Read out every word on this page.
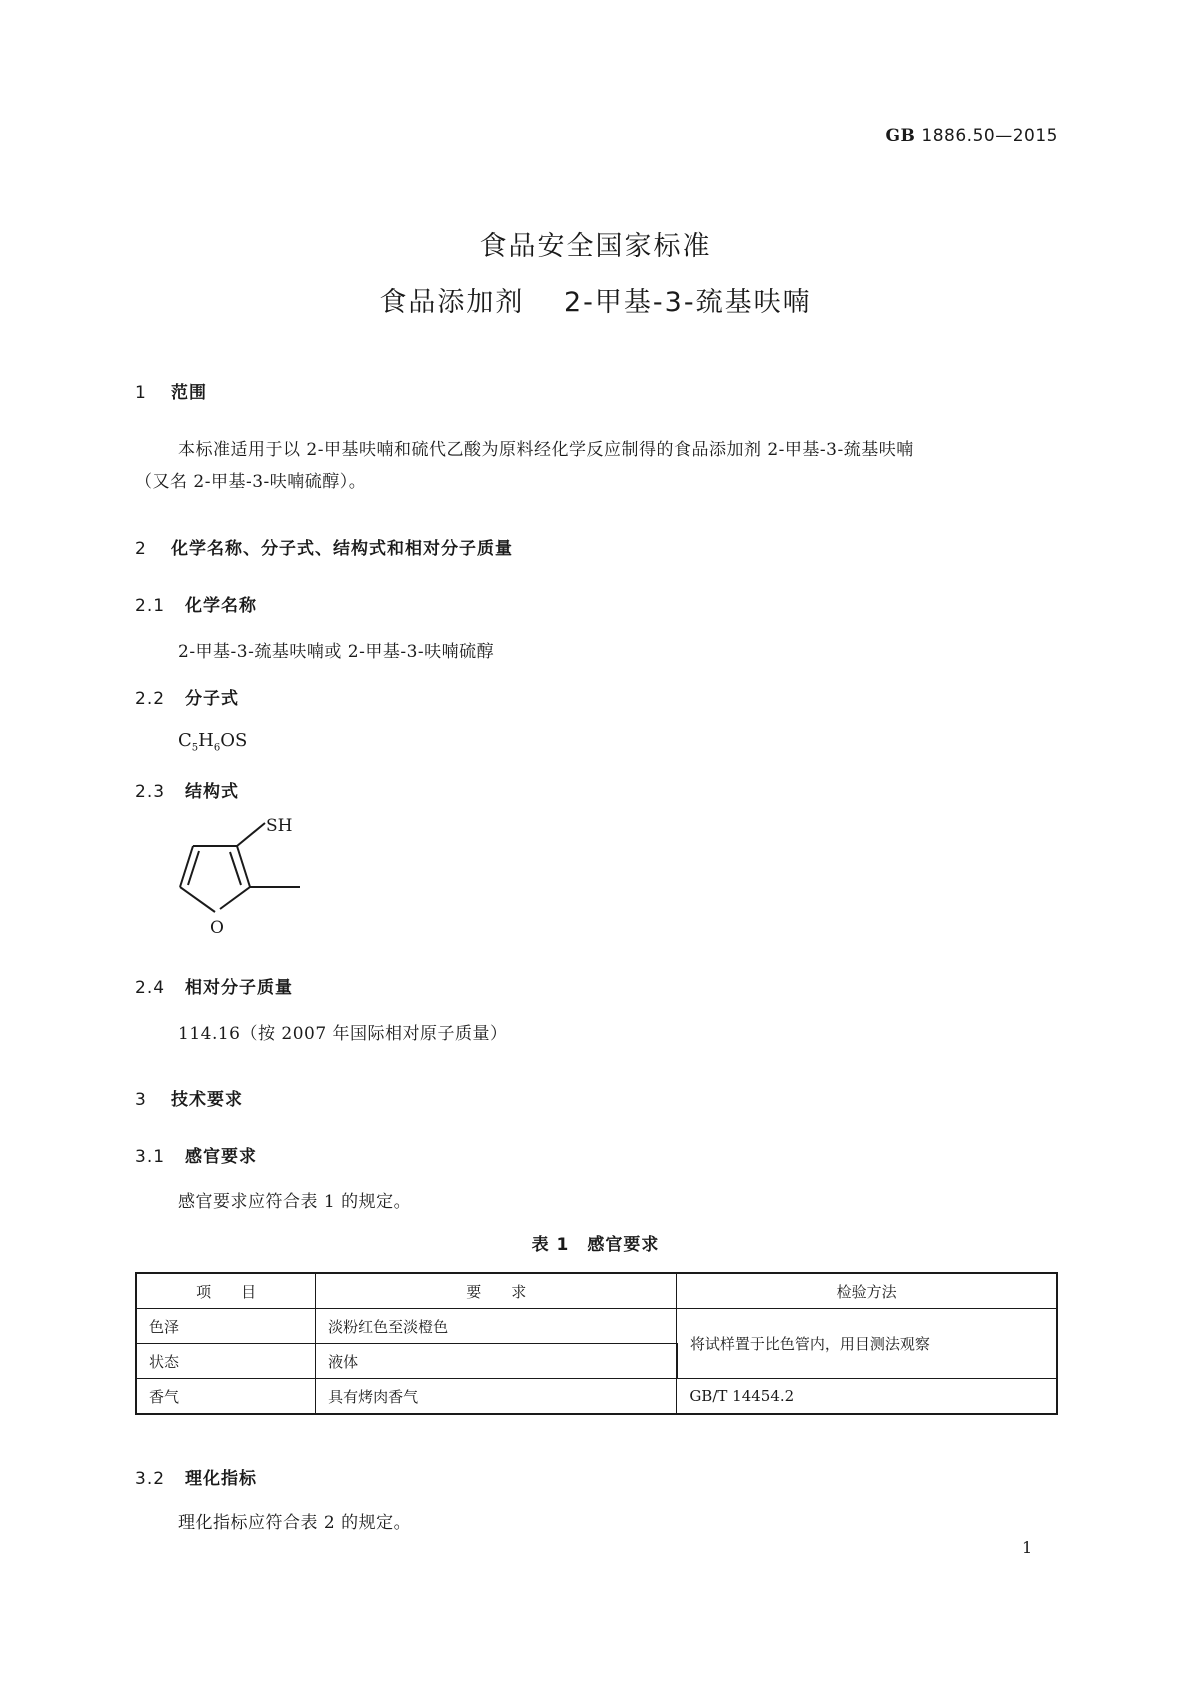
GB 1886.50—2015
食品安全国家标准
食品添加剂　 2-甲基-3-巯基呋喃
1 范围
本标准适用于以 2-甲基呋喃和硫代乙酸为原料经化学反应制得的食品添加剂 2-甲基-3-巯基呋喃
（又名 2-甲基-3-呋喃硫醇）。
2 化学名称、分子式、结构式和相对分子质量
2.1 化学名称
2-甲基-3-巯基呋喃或 2-甲基-3-呋喃硫醇
2.2 分子式
$C_5H_6OS$
2.3 结构式
SH
O
2.4 相对分子质量
114.16（按 2007 年国际相对原子质量）
3 技术要求
3.1 感官要求
感官要求应符合表 1 的规定。
表 1　感官要求
项　　目	要　　求	检验方法
色泽	淡粉红色至淡橙色	将试样置于比色管内，用目测法观察
状态	液体	
香气	具有烤肉香气	GB/T 14454.2
3.2 理化指标
理化指标应符合表 2 的规定。
1
